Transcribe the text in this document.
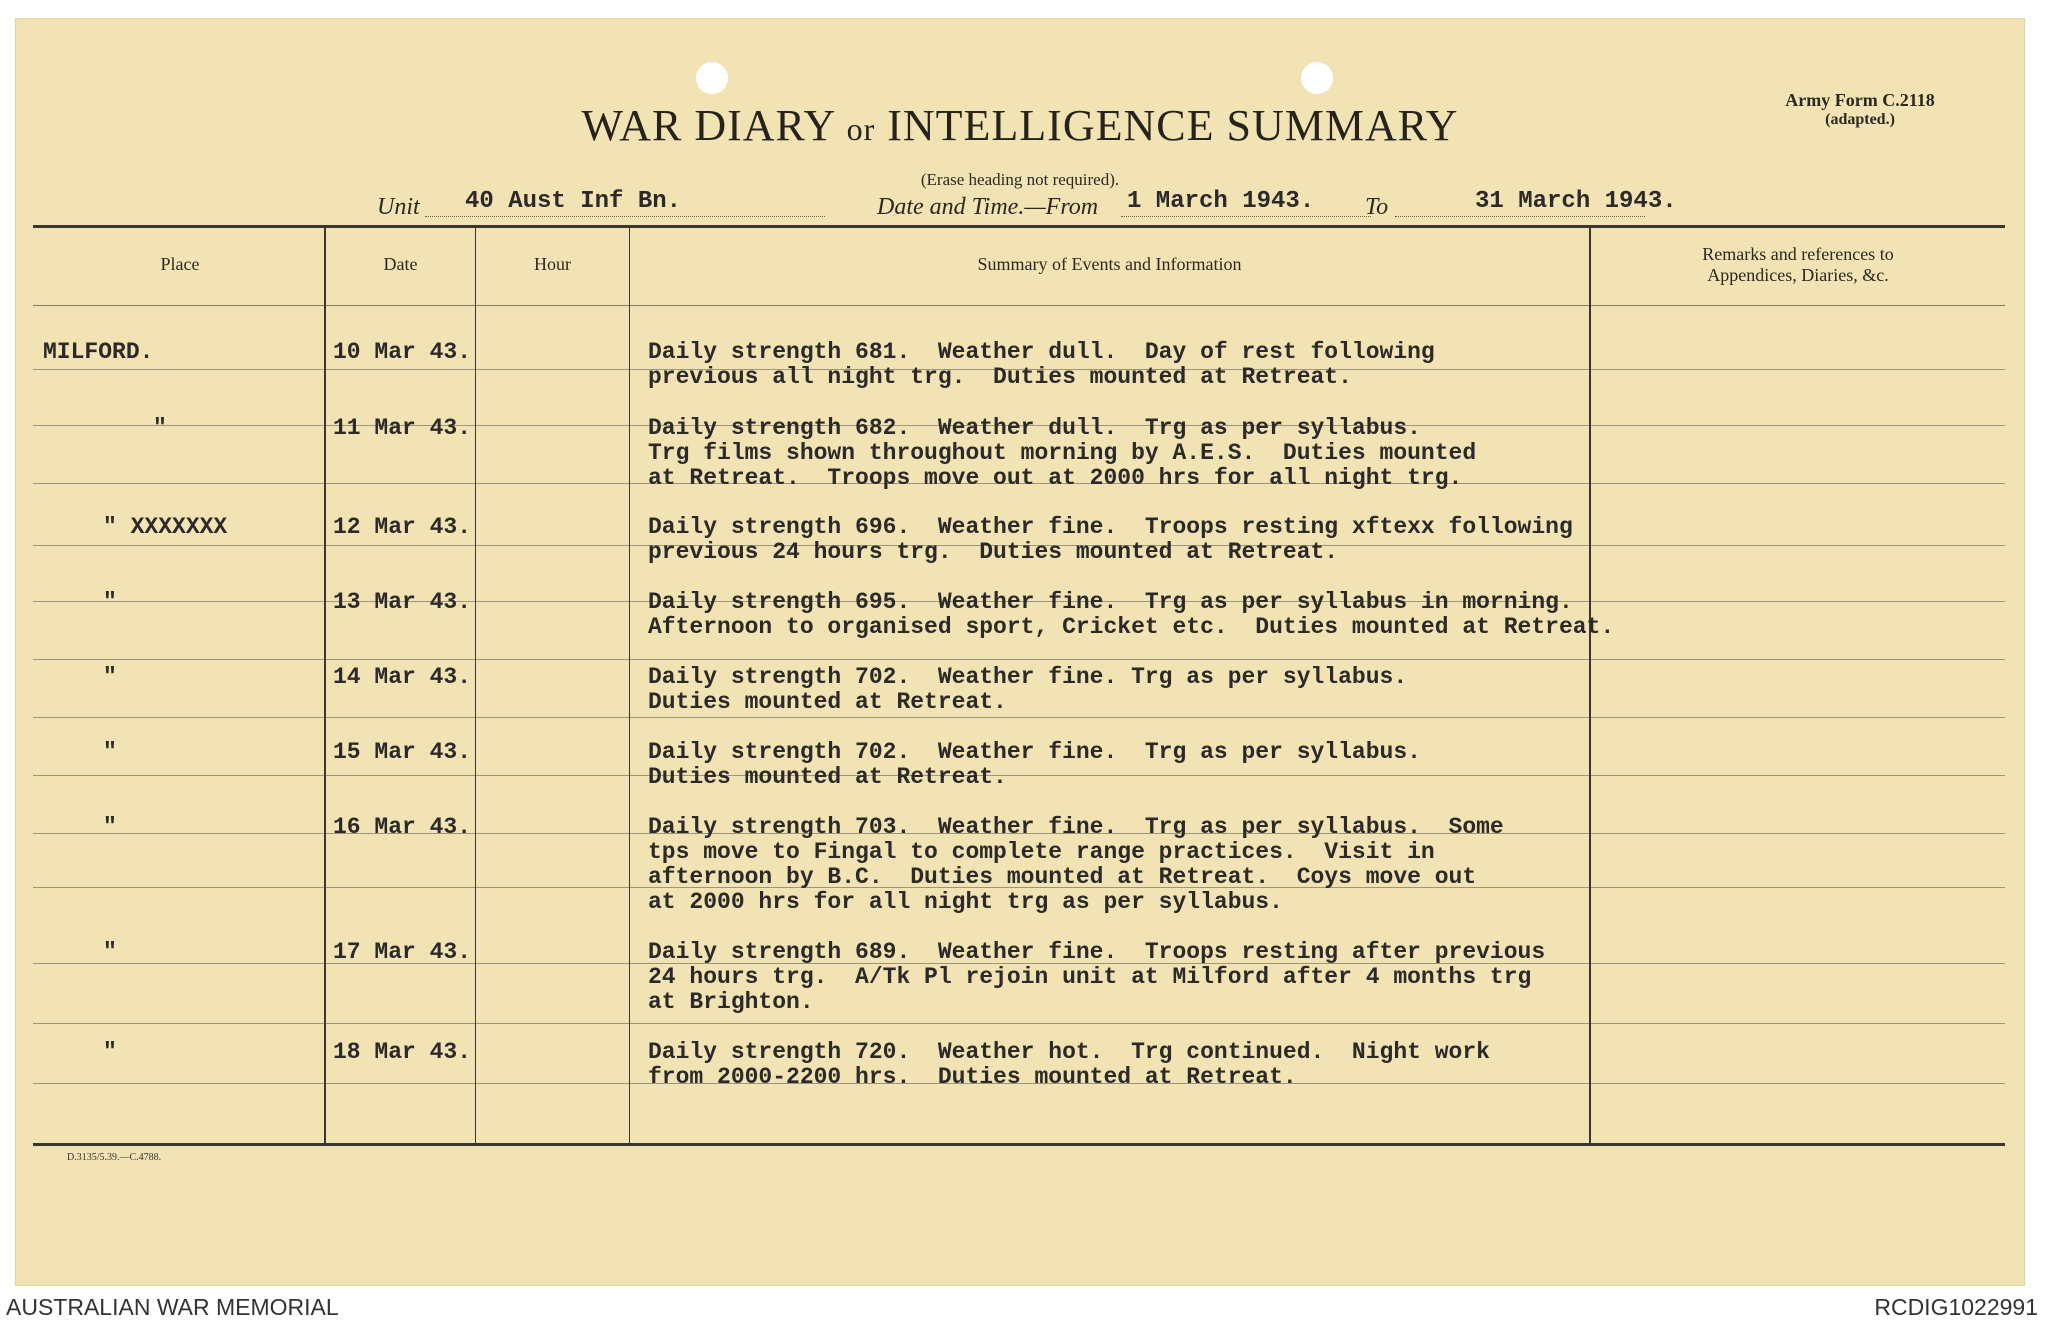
WAR DIARY or INTELLIGENCE SUMMARY
(Erase heading not required).
Army Form C.2118
(adapted.)
Unit 40 Aust Inf Bn.	Date and Time.—From 1 March 1943. To	31 March 1943.
Place	Date	Hour	Summary of Events and Information	Remarks and references to
Appendices, Diaries, &c.
MILFORD.	10 Mar 43.	Daily strength 681.  Weather dull.  Day of rest following
previous all night trg.  Duties mounted at Retreat.
"	11 Mar 43.	Daily strength 682.  Weather dull.  Trg as per syllabus.
Trg films shown throughout morning by A.E.S.  Duties mounted
at Retreat.  Troops move out at 2000 hrs for all night trg.
" XXXXXXX	12 Mar 43.	Daily strength 696.  Weather fine.  Troops resting xftexx following
previous 24 hours trg.  Duties mounted at Retreat.
"	13 Mar 43.	Daily strength 695.  Weather fine.  Trg as per syllabus in morning.
Afternoon to organised sport, Cricket etc.  Duties mounted at Retreat.
"	14 Mar 43.	Daily strength 702.  Weather fine. Trg as per syllabus.
Duties mounted at Retreat.
"	15 Mar 43.	Daily strength 702.  Weather fine.  Trg as per syllabus.
Duties mounted at Retreat.
"	16 Mar 43.	Daily strength 703.  Weather fine.  Trg as per syllabus.  Some
tps move to Fingal to complete range practices.  Visit in
afternoon by B.C.  Duties mounted at Retreat.  Coys move out
at 2000 hrs for all night trg as per syllabus.
"	17 Mar 43.	Daily strength 689.  Weather fine.  Troops resting after previous
24 hours trg.  A/Tk Pl rejoin unit at Milford after 4 months trg
at Brighton.
"	18 Mar 43.	Daily strength 720.  Weather hot.  Trg continued.  Night work
from 2000-2200 hrs.  Duties mounted at Retreat.
D.3135/5.39.—C.4788.
AUSTRALIAN WAR MEMORIAL	RCDIG1022991
